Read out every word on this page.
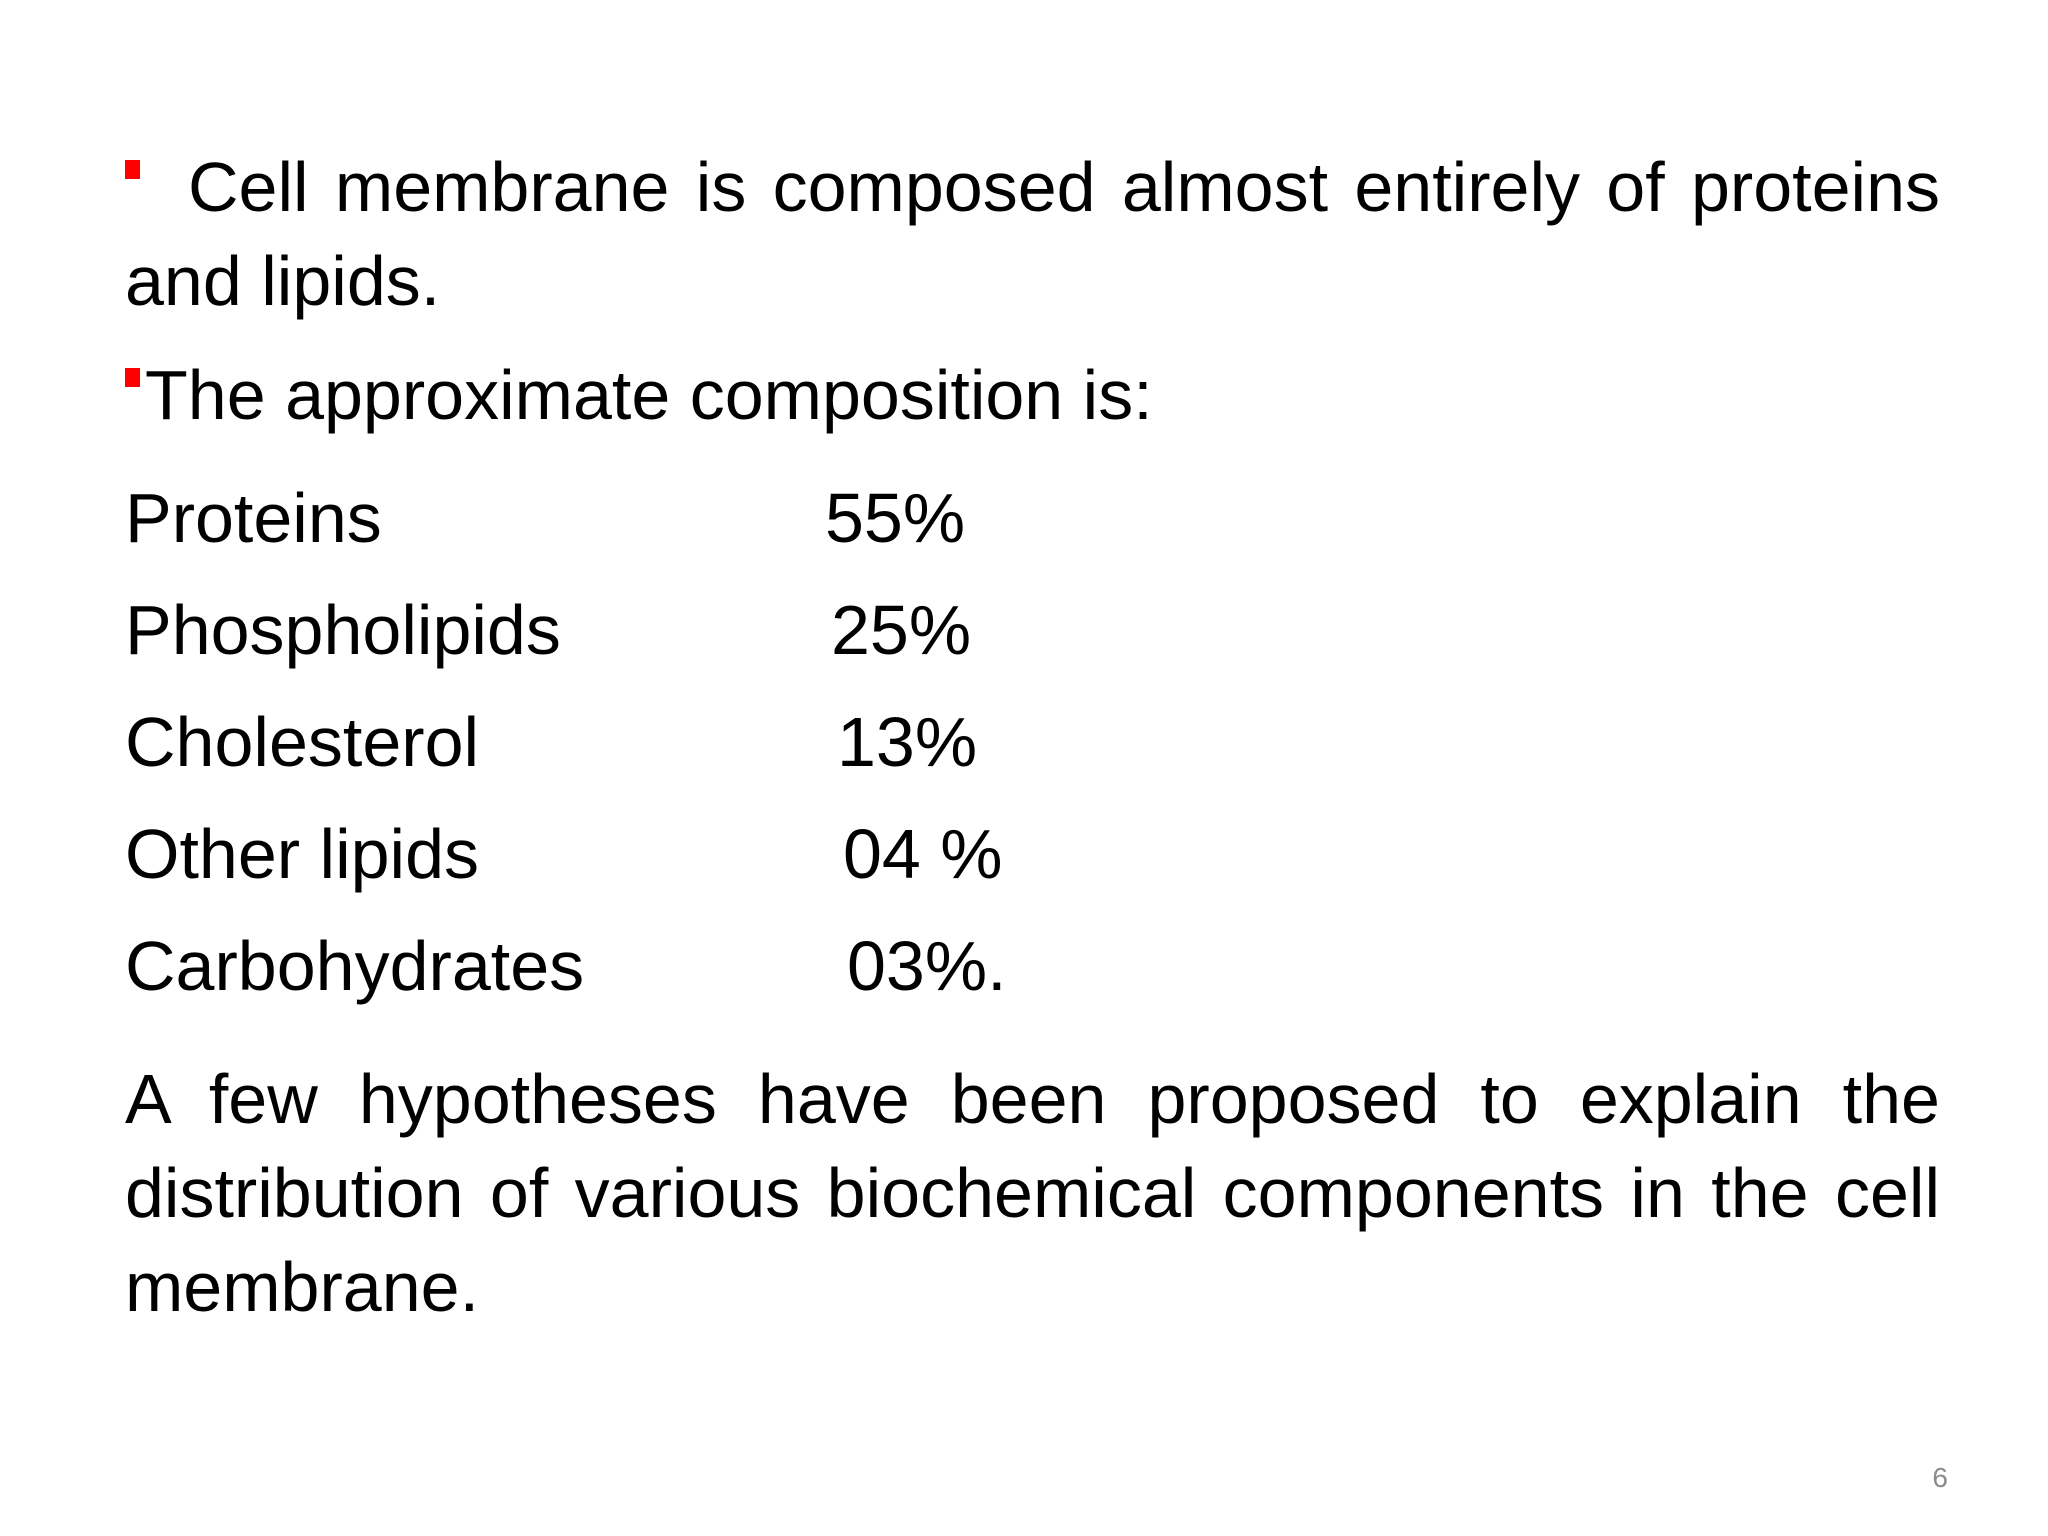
Cell membrane is composed almost entirely of proteins and lipids.

The approximate composition is:

Proteins	55%
Phospholipids	25%
Cholesterol	13%
Other lipids	04 %
Carbohydrates	03%.

A few hypotheses have been proposed to explain the distribution of various biochemical components in the cell membrane.

6
